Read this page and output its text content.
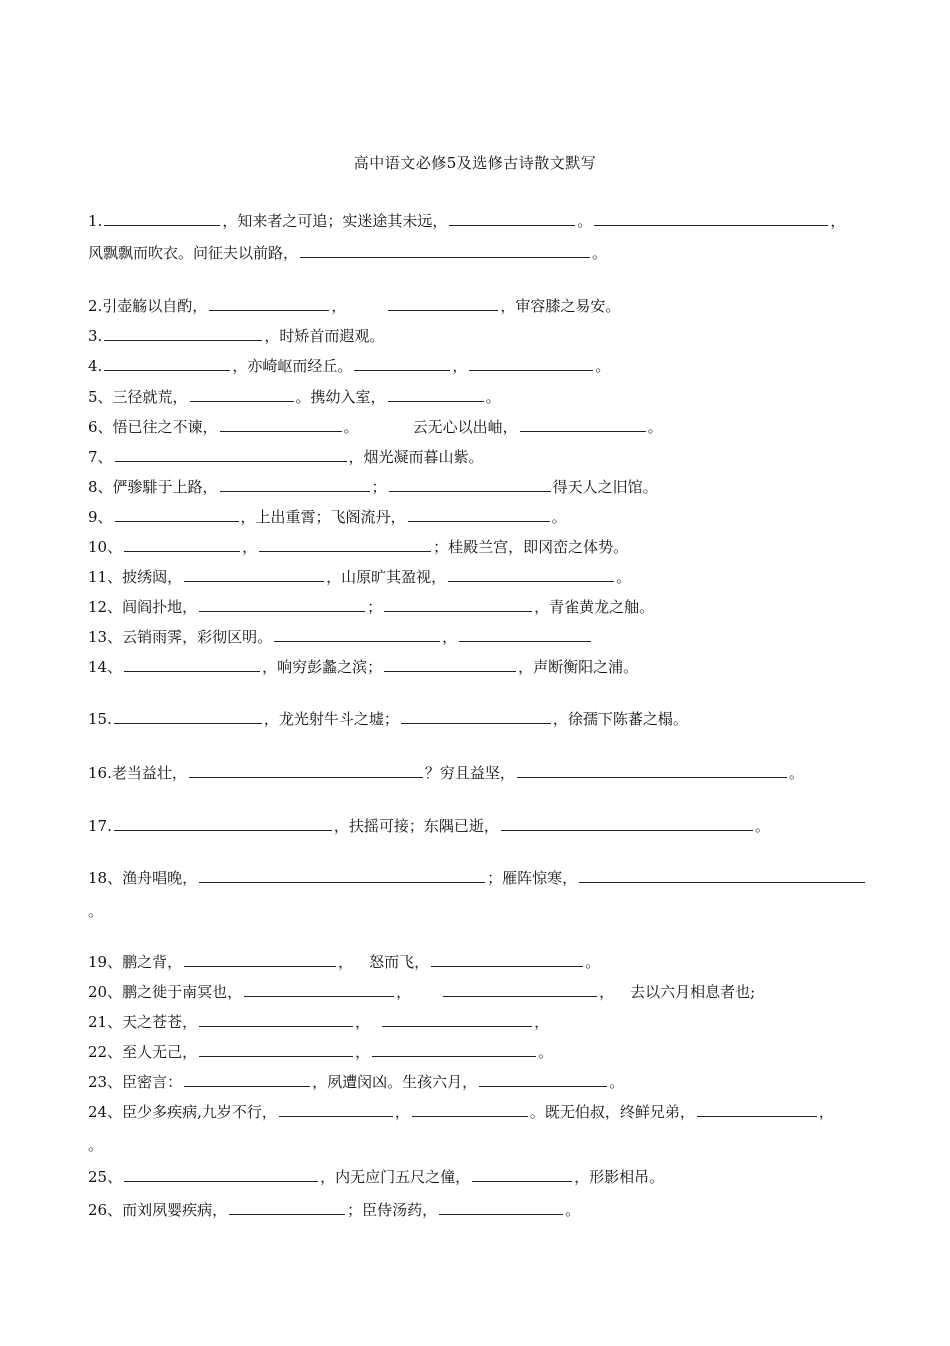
高中语文必修5及选修古诗散文默写
1.	，知来者之可追；实迷途其未远，	。	，
风飘飘而吹衣。问征夫以前路，	。
2.引壶觞以自酌，	，	，审容膝之易安。
3.	，时矫首而遐观。
4.	，亦崎岖而经丘。	，	。
5、三径就荒，	。携幼入室，	。
6、悟已往之不谏，	。	云无心以出岫，	。
7、	，烟光凝而暮山紫。
8、俨骖騑于上路，	；	得天人之旧馆。
9、	，上出重霄；飞阁流丹，	。
10、	，	；桂殿兰宫，即冈峦之体势。
11、披绣闼，	，山原旷其盈视，	。
12、闾阎扑地，	；	，青雀黄龙之舳。
13、云销雨霁，彩彻区明。	，
14、	，响穷彭蠡之滨；	，声断衡阳之浦。
15.	，龙光射牛斗之墟；	，徐孺下陈蕃之榻。
16.老当益壮，	？穷且益坚，	。
17.	，扶摇可接；东隅已逝，	。
18、渔舟唱晚，	；雁阵惊寒，
。
19、鹏之背，	， 怒而飞，	。
20、鹏之徙于南冥也，	，	， 去以六月相息者也;
21、天之苍苍，	，	，
22、至人无己，	，	。
23、臣密言：	，夙遭闵凶。生孩六月，	。
24、臣少多疾病,九岁不行，	，	。既无伯叔，终鲜兄弟，	，
。
25、	，内无应门五尺之僮，	，形影相吊。
26、而刘夙婴疾病，	；臣侍汤药，	。
